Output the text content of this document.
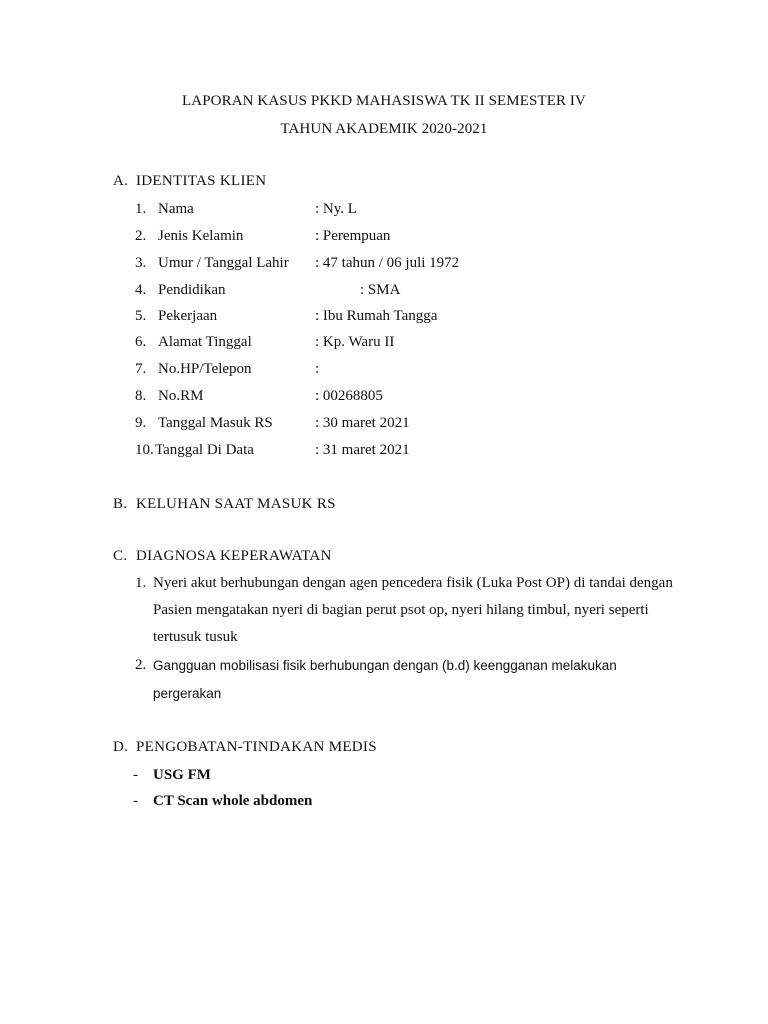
LAPORAN KASUS PKKD MAHASISWA TK II SEMESTER IV
TAHUN AKADEMIK 2020-2021
A. IDENTITAS KLIEN
1. Nama	: Ny. L
2. Jenis Kelamin	: Perempuan
3. Umur / Tanggal Lahir : 47 tahun / 06 juli 1972
4. Pendidikan	: SMA
5. Pekerjaan	: Ibu Rumah Tangga
6. Alamat Tinggal	: Kp. Waru II
7. No.HP/Telepon	:
8. No.RM	: 00268805
9. Tanggal Masuk RS	: 30 maret 2021
10. Tanggal Di Data	: 31 maret 2021
B. KELUHAN SAAT MASUK RS
C. DIAGNOSA KEPERAWATAN
1. Nyeri akut berhubungan dengan agen pencedera fisik (Luka Post OP) di tandai dengan
Pasien mengatakan nyeri di bagian perut psot op, nyeri hilang timbul, nyeri seperti
tertusuk tusuk
2. Gangguan mobilisasi fisik berhubungan dengan (b.d) keengganan melakukan
pergerakan
D. PENGOBATAN-TINDAKAN MEDIS
- USG FM
- CT Scan whole abdomen
